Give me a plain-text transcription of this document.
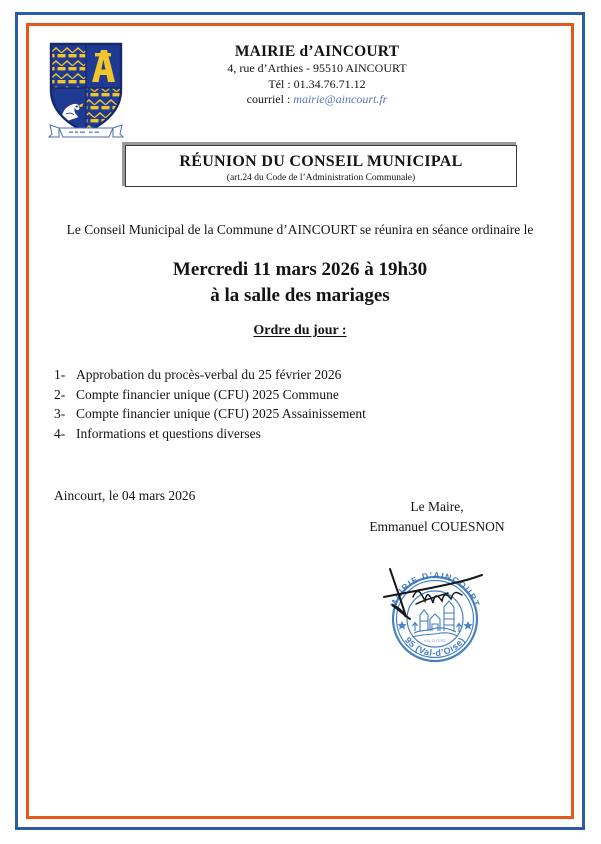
MAIRIE d’AINCOURT
4, rue d’Arthies - 95510 AINCOURT
Tél : 01.34.76.71.12
courriel : mairie@aincourt.fr
RÉUNION DU CONSEIL MUNICIPAL
(art.24 du Code de l’Administration Communale)
Le Conseil Municipal de la Commune d’AINCOURT se réunira en séance ordinaire le
Mercredi 11 mars 2026 à 19h30
à la salle des mariages
Ordre du jour :
1- Approbation du procès-verbal du 25 février 2026
2- Compte financier unique (CFU) 2025 Commune
3- Compte financier unique (CFU) 2025 Assainissement
4- Informations et questions diverses
Aincourt, le 04 mars 2026
Le Maire,
Emmanuel COUESNON
MAIRIE D’AINCOURT
95 (Val-d’Oise)
VAL D’OISE
